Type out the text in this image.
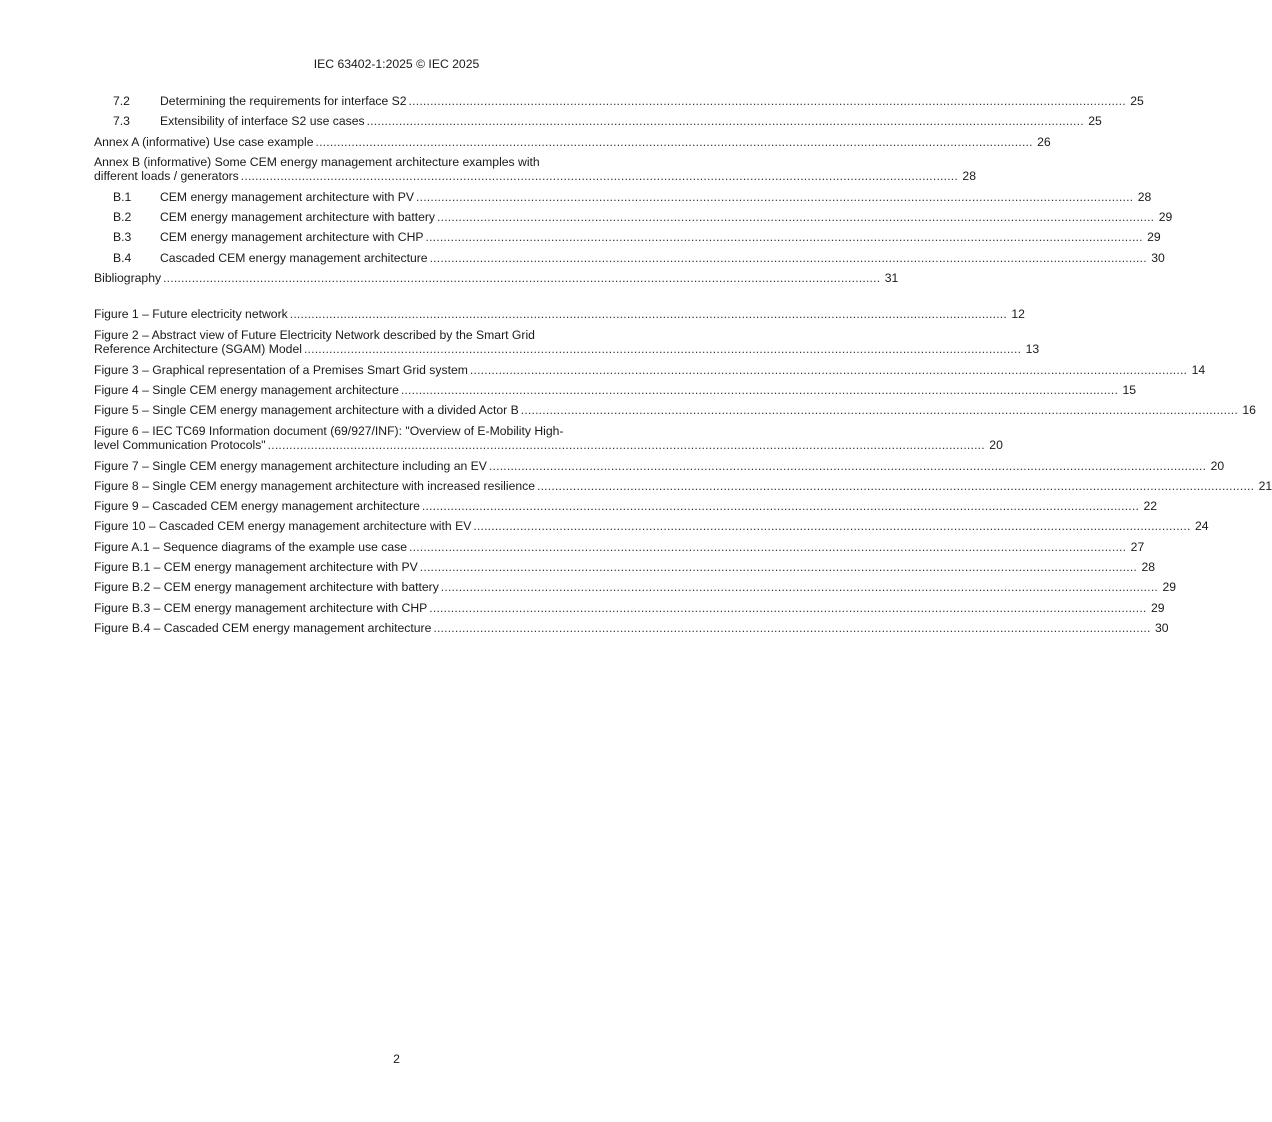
IEC 63402-1:2025 © IEC 2025
7.2	Determining the requirements for interface S2 ........................................................................................................................................................................................................ 25
7.3	Extensibility of interface S2 use cases ........................................................................................................................................................................................................ 25
Annex A (informative) Use case example ........................................................................................................................................................................................................ 26
Annex B (informative) Some CEM energy management architecture examples with
different loads / generators ........................................................................................................................................................................................................ 28
B.1	CEM energy management architecture with PV ........................................................................................................................................................................................................ 28
B.2	CEM energy management architecture with battery ........................................................................................................................................................................................................ 29
B.3	CEM energy management architecture with CHP ........................................................................................................................................................................................................ 29
B.4	Cascaded CEM energy management architecture ........................................................................................................................................................................................................ 30
Bibliography ........................................................................................................................................................................................................ 31
Figure 1 – Future electricity network ........................................................................................................................................................................................................ 12
Figure 2 – Abstract view of Future Electricity Network described by the Smart Grid
Reference Architecture (SGAM) Model ........................................................................................................................................................................................................ 13
Figure 3 – Graphical representation of a Premises Smart Grid system ........................................................................................................................................................................................................ 14
Figure 4 – Single CEM energy management architecture ........................................................................................................................................................................................................ 15
Figure 5 – Single CEM energy management architecture with a divided Actor B ........................................................................................................................................................................................................ 16
Figure 6 – IEC TC69 Information document (69/927/INF): "Overview of E-Mobility High-
level Communication Protocols" ........................................................................................................................................................................................................ 20
Figure 7 – Single CEM energy management architecture including an EV ........................................................................................................................................................................................................ 20
Figure 8 – Single CEM energy management architecture with increased resilience ........................................................................................................................................................................................................ 21
Figure 9 – Cascaded CEM energy management architecture ........................................................................................................................................................................................................ 22
Figure 10 – Cascaded CEM energy management architecture with EV ........................................................................................................................................................................................................ 24
Figure A.1 – Sequence diagrams of the example use case ........................................................................................................................................................................................................ 27
Figure B.1 – CEM energy management architecture with PV ........................................................................................................................................................................................................ 28
Figure B.2 – CEM energy management architecture with battery ........................................................................................................................................................................................................ 29
Figure B.3 – CEM energy management architecture with CHP ........................................................................................................................................................................................................ 29
Figure B.4 – Cascaded CEM energy management architecture ........................................................................................................................................................................................................ 30
2
